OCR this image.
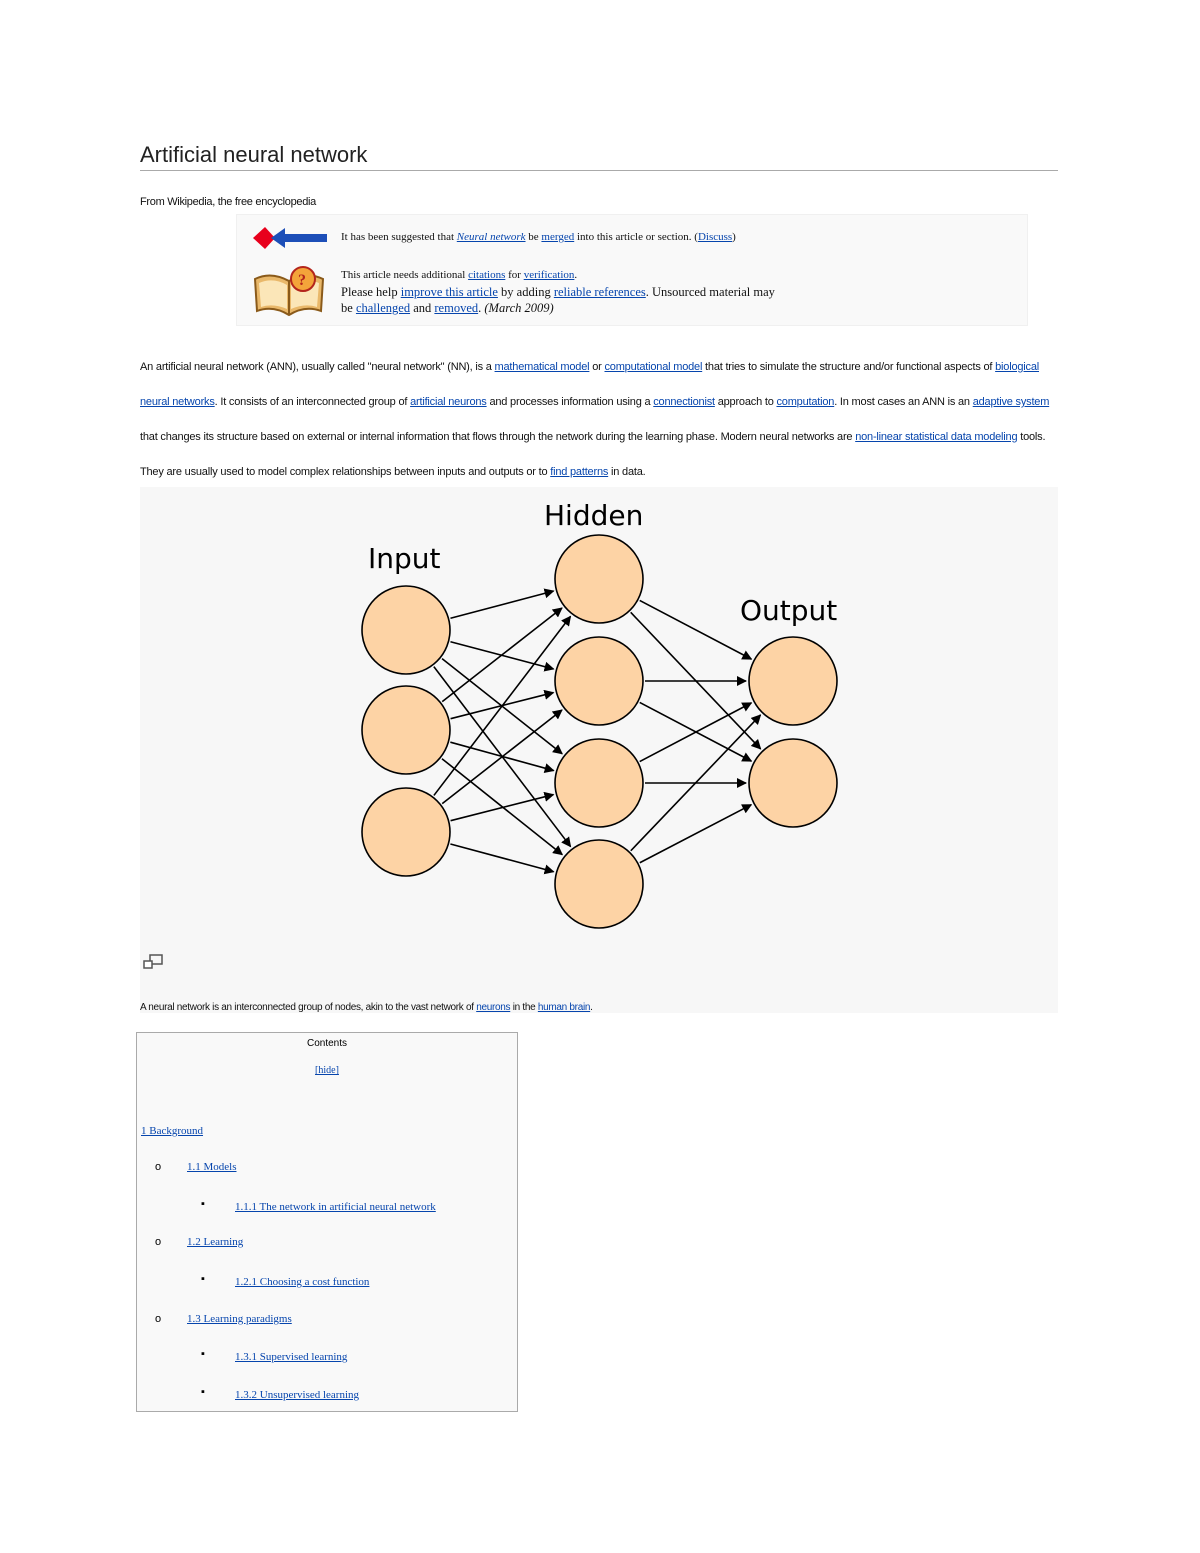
Artificial neural network
From Wikipedia, the free encyclopedia
It has been suggested that Neural network be merged into this article or section. (Discuss)
?	This article needs additional citations for verification.
Please help improve this article by adding reliable references. Unsourced material may
be challenged and removed. (March 2009)

An artificial neural network (ANN), usually called "neural network" (NN), is a mathematical model or computational model that tries to simulate the structure and/or functional aspects of biological neural networks. It consists of an interconnected group of artificial neurons and processes information using a connectionist approach to computation. In most cases an ANN is an adaptive system that changes its structure based on external or internal information that flows through the network during the learning phase. Modern neural networks are non-linear statistical data modeling tools. They are usually used to model complex relationships between inputs and outputs or to find patterns in data.

Input
Hidden
Output
A neural network is an interconnected group of nodes, akin to the vast network of neurons in the human brain.
Contents
[hide]
1 Background
o 1.1 Models
▪	1.1.1 The network in artificial neural network
o 1.2 Learning
▪	1.2.1 Choosing a cost function
o 1.3 Learning paradigms
▪	1.3.1 Supervised learning
▪	1.3.2 Unsupervised learning
